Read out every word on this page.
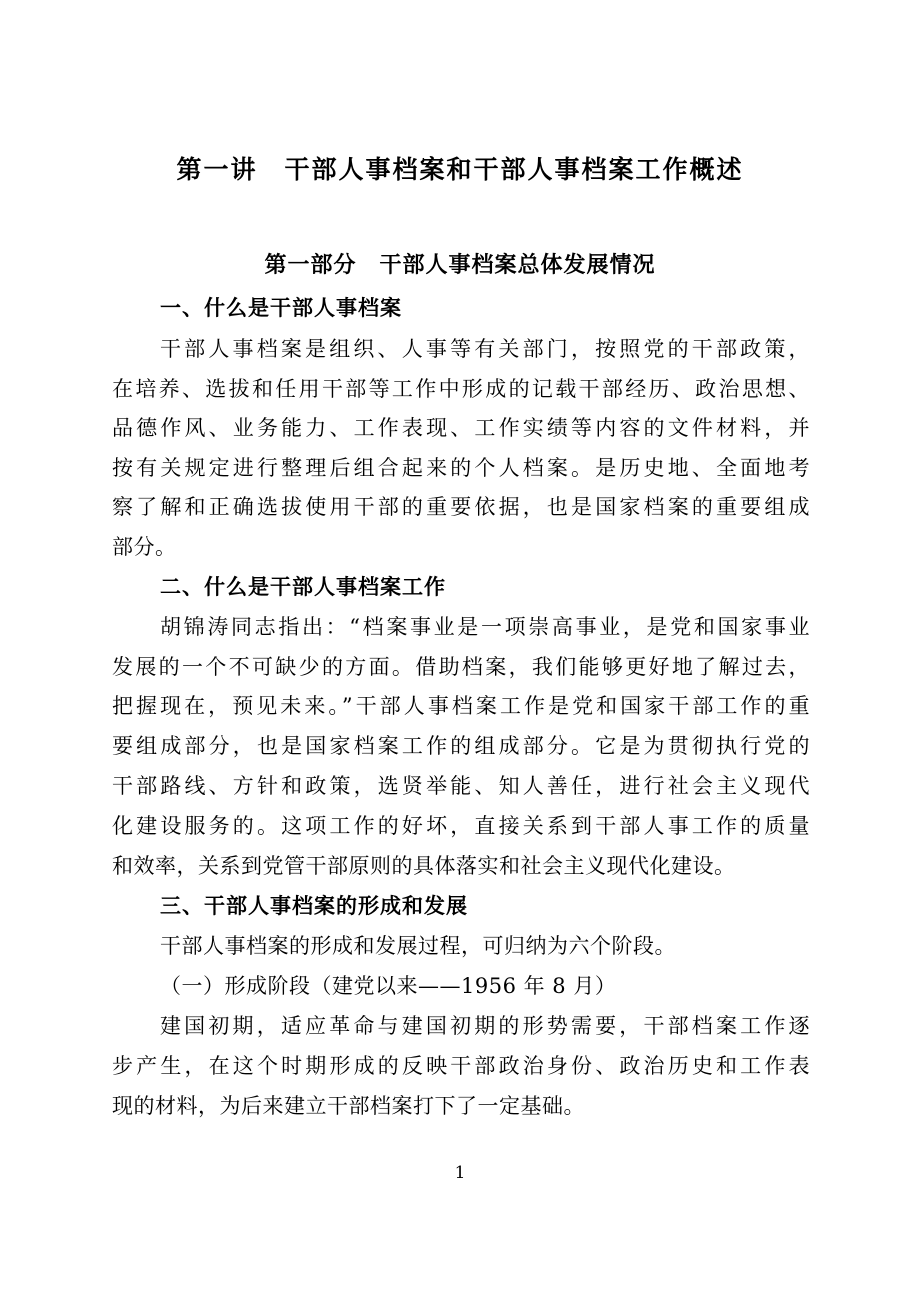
第一讲　干部人事档案和干部人事档案工作概述
第一部分　干部人事档案总体发展情况
一、什么是干部人事档案
干部人事档案是组织、人事等有关部门，按照党的干部政策，
在培养、选拔和任用干部等工作中形成的记载干部经历、政治思想、
品德作风、业务能力、工作表现、工作实绩等内容的文件材料，并
按有关规定进行整理后组合起来的个人档案。是历史地、全面地考
察了解和正确选拔使用干部的重要依据，也是国家档案的重要组成
部分。
二、什么是干部人事档案工作
胡锦涛同志指出：“档案事业是一项崇高事业，是党和国家事业
发展的一个不可缺少的方面。借助档案，我们能够更好地了解过去，
把握现在，预见未来。”干部人事档案工作是党和国家干部工作的重
要组成部分，也是国家档案工作的组成部分。它是为贯彻执行党的
干部路线、方针和政策，选贤举能、知人善任，进行社会主义现代
化建设服务的。这项工作的好坏，直接关系到干部人事工作的质量
和效率，关系到党管干部原则的具体落实和社会主义现代化建设。
三、干部人事档案的形成和发展
干部人事档案的形成和发展过程，可归纳为六个阶段。
（一）形成阶段（建党以来——1956 年 8 月）
建国初期，适应革命与建国初期的形势需要，干部档案工作逐
步产生，在这个时期形成的反映干部政治身份、政治历史和工作表
现的材料，为后来建立干部档案打下了一定基础。
1
